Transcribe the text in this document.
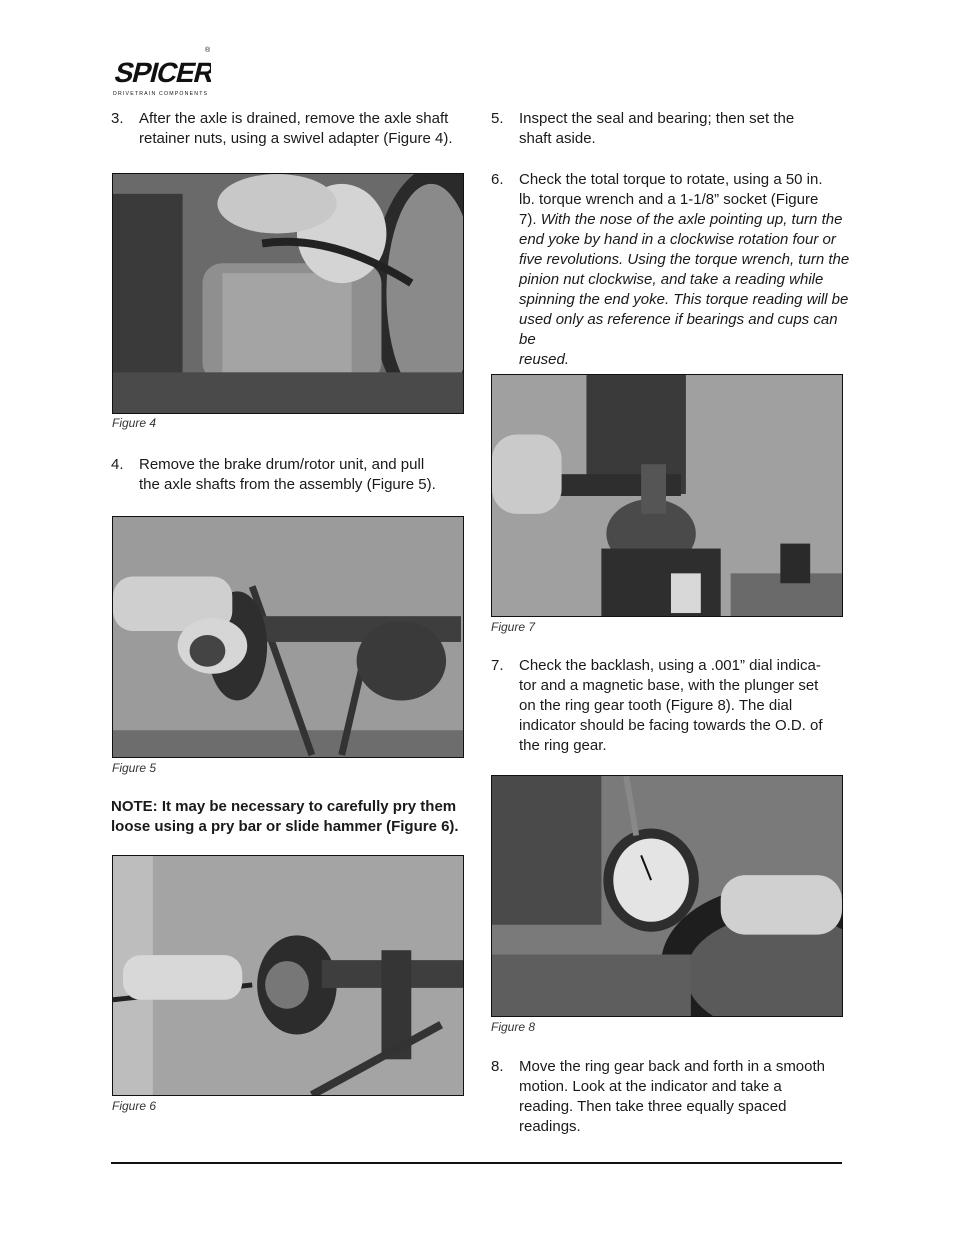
SPICER
®
DRIVETRAIN COMPONENTS
3. After the axle is drained, remove the axle shaft
retainer nuts, using a swivel adapter (Figure 4).
Figure 4
4. Remove the brake drum/rotor unit, and pull
the axle shafts from the assembly (Figure 5).
Figure 5
NOTE: It may be necessary to carefully pry them
loose using a pry bar or slide hammer (Figure 6).
Figure 6
5. Inspect the seal and bearing; then set the
shaft aside.
6. Check the total torque to rotate, using a 50 in.
lb. torque wrench and a 1-1/8” socket (Figure
7). With the nose of the axle pointing up, turn the
end yoke by hand in a clockwise rotation four or
five revolutions. Using the torque wrench, turn the
pinion nut clockwise, and take a reading while
spinning the end yoke. This torque reading will be
used only as reference if bearings and cups can be
reused.
Figure 7
7. Check the backlash, using a .001” dial indica-
tor and a magnetic base, with the plunger set
on the ring gear tooth (Figure 8). The dial
indicator should be facing towards the O.D. of
the ring gear.
Figure 8
8. Move the ring gear back and forth in a smooth
motion. Look at the indicator and take a
reading. Then take three equally spaced
readings.
